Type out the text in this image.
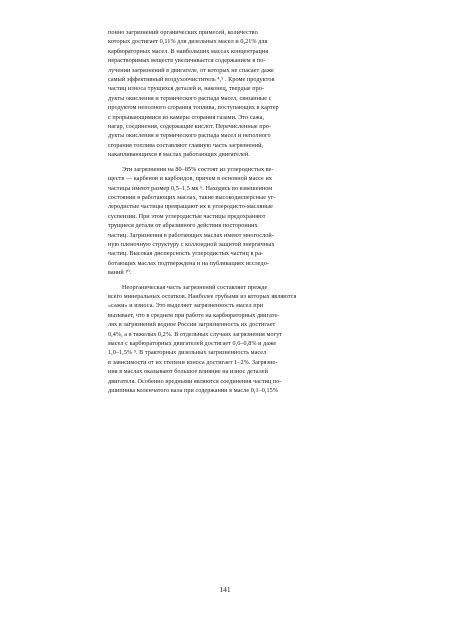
понно загрязнений органических примесей, количество
которых достигает 0,11% для дизельных масел и 0,21% для
карбюраторных масел. В наибольших массах концентрация
нерастворимых веществ увеличивается содержанием в по-
лучении загрязнений в двигателе, от которых не спасает даже
самый эффективный воздухоочиститель ⁴,⁵ . Кроме продуктов
частиц износа трущихся деталей и, наконец, твердые про-
дукты окисления и термического распада масел, связанные с
продуктом неполного сгорания топлива, поступающих в картер
с прорывающимися из камеры сгорания газами. Это сажа,
нагар, соединения, содержащие кислот. Перечисленные про-
дукты окисления и термического распада масел и неполного
сгорания топлива составляют главную часть загрязнений,
накапливающихся в маслах работающих двигателей.
Эти загрязнения на 80–85% состоят из углеродистых ве-
ществ — карбенов и карбоидов, причем в основной массе их
частицы имеют размер 0,5–1,5 мк ⁶. Находясь во взвешенном
состоянии в работающих маслах, такие высокодисперсные уг-
леродистые частицы превращают их в углеродисто-масляные
суспензии. При этом углеродистые частицы предохраняют
трущиеся детали от абразивного действия посторонних
частиц. Загрязнения в работающих маслах имеют многослой-
ную пленочную структуру с коллоидной защитой энергичных
частиц. Высокая дисперсность углеродистых частиц в ра-
ботающих маслах подтверждена и на публикациях исследо-
ваний ¹⁰.
Неорганическая часть загрязнений составляет прежде
всего минеральных остатков. Наиболее грубыми из которых являются
«сажи» и износа. Это выделяет загрязненность масел при
вызывает, что в среднем при работе на карбюраторных двигате-
лях в загрязнений водное России загрязненность их достигает
0,4%, а в тяжелых 0,2%. В отдельных случаях загрязнения могут
масел с карбюраторных двигателей достигает 0,6–0,8% и даже
1,0–1,5% ⁹. В тракторных дизельных загрязненность масел
в зависимости от их степени износа достигает 1–2%. Загрязне-
ния в маслах оказывают большое влияние на износ деталей
двигателя. Особенно вредными являются соединения частиц по-
дшипника коленчатого вала при содержании в масле 0,1–0,15%
141
